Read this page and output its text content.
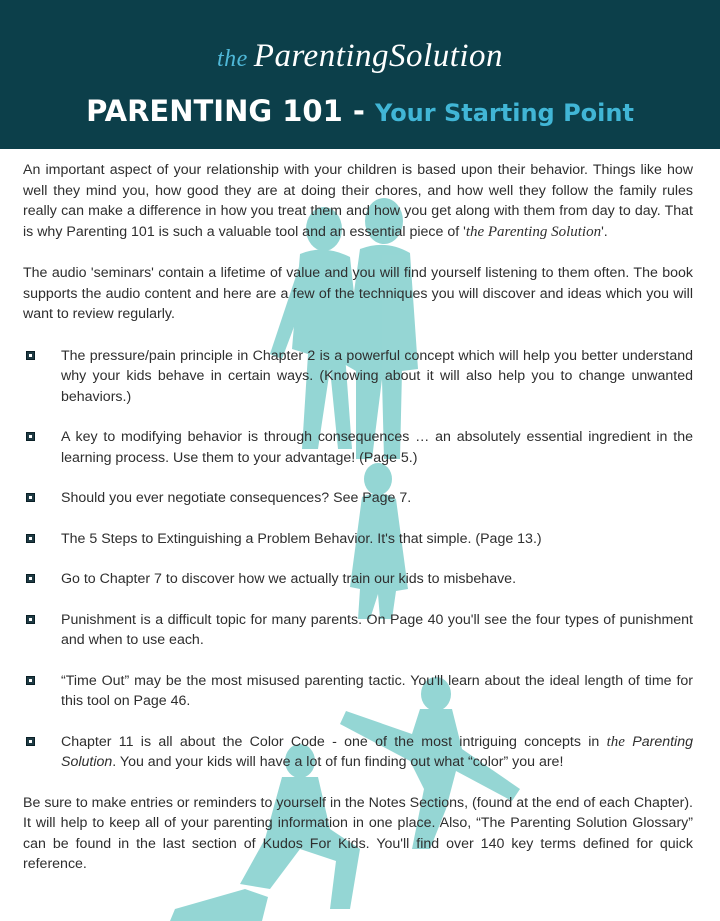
the ParentingSolution
PARENTING 101 - Your Starting Point

An important aspect of your relationship with your children is based upon their behavior. Things like how well they mind you, how good they are at doing their chores, and how well they follow the family rules really can make a difference in how you treat them and how you get along with them from day to day. That is why Parenting 101 is such a valuable tool and an essential piece of 'the Parenting Solution'.

The audio 'seminars' contain a lifetime of value and you will find yourself listening to them often. The book supports the audio content and here are a few of the techniques you will discover and ideas which you will want to review regularly.

The pressure/pain principle in Chapter 2 is a powerful concept which will help you better understand why your kids behave in certain ways. (Knowing about it will also help you to change unwanted behaviors.)
A key to modifying behavior is through consequences … an absolutely essential ingredient in the learning process. Use them to your advantage! (Page 5.)
Should you ever negotiate consequences? See Page 7.
The 5 Steps to Extinguishing a Problem Behavior. It's that simple. (Page 13.)
Go to Chapter 7 to discover how we actually train our kids to misbehave.
Punishment is a difficult topic for many parents. On Page 40 you'll see the four types of punishment and when to use each.
“Time Out” may be the most misused parenting tactic. You'll learn about the ideal length of time for this tool on Page 46.
Chapter 11 is all about the Color Code - one of the most intriguing concepts in the Parenting Solution. You and your kids will have a lot of fun finding out what “color” you are!

Be sure to make entries or reminders to yourself in the Notes Sections, (found at the end of each Chapter). It will help to keep all of your parenting information in one place. Also, “The Parenting Solution Glossary” can be found in the last section of Kudos For Kids. You'll find over 140 key terms defined for quick reference.
